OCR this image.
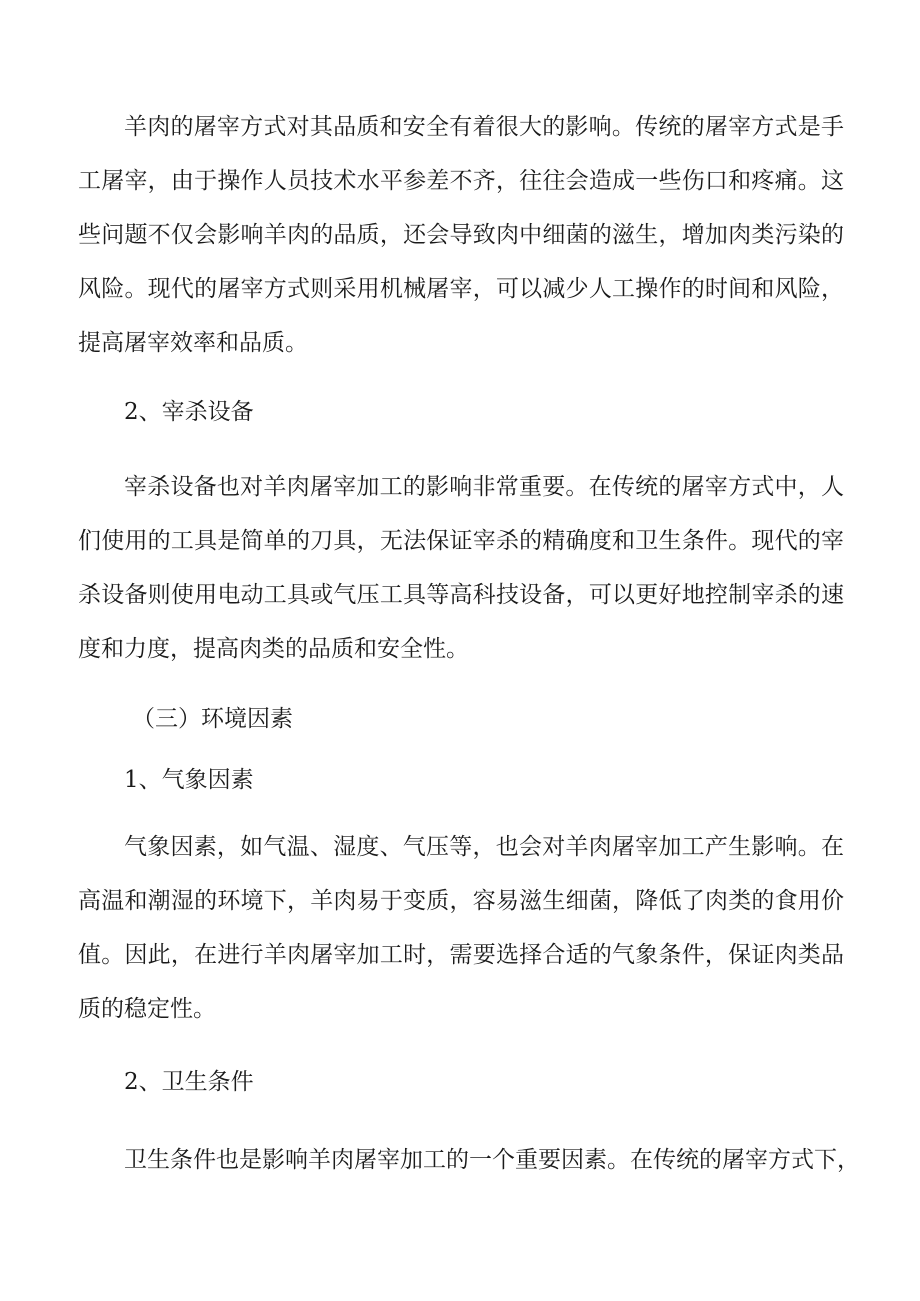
羊肉的屠宰方式对其品质和安全有着很大的影响。传统的屠宰方式是手

工屠宰，由于操作人员技术水平参差不齐，往往会造成一些伤口和疼痛。这

些问题不仅会影响羊肉的品质，还会导致肉中细菌的滋生，增加肉类污染的

风险。现代的屠宰方式则采用机械屠宰，可以减少人工操作的时间和风险，

提高屠宰效率和品质。

2、宰杀设备

宰杀设备也对羊肉屠宰加工的影响非常重要。在传统的屠宰方式中，人

们使用的工具是简单的刀具，无法保证宰杀的精确度和卫生条件。现代的宰

杀设备则使用电动工具或气压工具等高科技设备，可以更好地控制宰杀的速

度和力度，提高肉类的品质和安全性。

（三）环境因素

1、气象因素

气象因素，如气温、湿度、气压等，也会对羊肉屠宰加工产生影响。在

高温和潮湿的环境下，羊肉易于变质，容易滋生细菌，降低了肉类的食用价

值。因此，在进行羊肉屠宰加工时，需要选择合适的气象条件，保证肉类品

质的稳定性。

2、卫生条件

卫生条件也是影响羊肉屠宰加工的一个重要因素。在传统的屠宰方式下，
